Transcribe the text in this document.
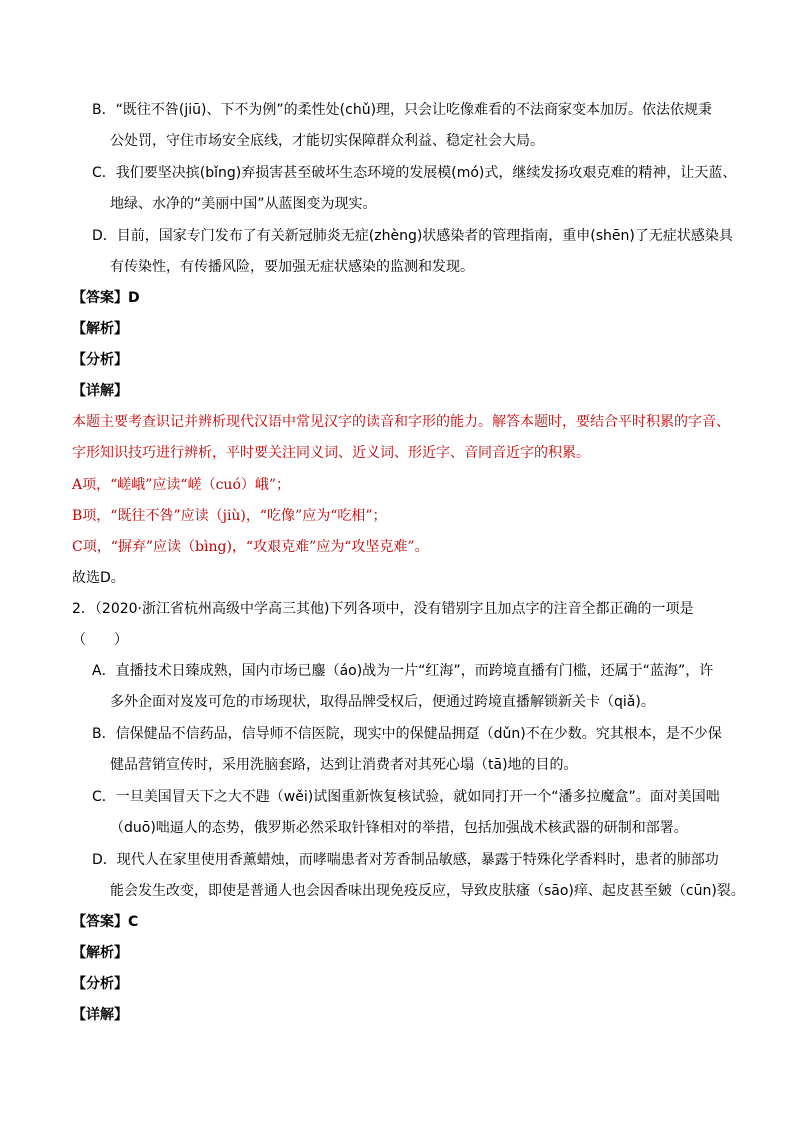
B．“既往不咎(jiū)、下不为例”的柔性处(chǔ)理，只会让吃像难看的不法商家变本加厉。依法依规秉
公处罚，守住市场安全底线，才能切实保障群众利益、稳定社会大局。
C．我们要坚决摈(bǐng)弃损害甚至破坏生态环境的发展模(mó)式，继续发扬攻艰克难的精神，让天蓝、
地绿、水净的“美丽中国”从蓝图变为现实。
D．目前，国家专门发布了有关新冠肺炎无症(zhèng)状感染者的管理指南，重申(shēn)了无症状感染具
有传染性，有传播风险，要加强无症状感染的监测和发现。
【答案】D
【解析】
【分析】
【详解】
本题主要考查识记并辨析现代汉语中常见汉字的读音和字形的能力。解答本题时，要结合平时积累的字音、
字形知识技巧进行辨析，平时要关注同义词、近义词、形近字、音同音近字的积累。
A项，“嵯峨”应读“嵯（cuó）峨”；
B项，“既往不咎”应读（jiù)，“吃像”应为“吃相”；
C项，“摒弃”应读（bìng)，“攻艰克难”应为“攻坚克难”。
故选D。
2．（2020·浙江省杭州高级中学高三其他)下列各项中，没有错别字且加点字的注音全都正确的一项是
（　　）
A．直播技术日臻成熟，国内市场已鏖（áo)战为一片“红海”，而跨境直播有门槛，还属于“蓝海”，许
多外企面对岌岌可危的市场现状，取得品牌受权后，便通过跨境直播解锁新关卡（qiǎ)。
B．信保健品不信药品，信导师不信医院，现实中的保健品拥趸（dǔn)不在少数。究其根本，是不少保
健品营销宣传时，采用洗脑套路，达到让消费者对其死心塌（tā)地的目的。
C．一旦美国冒天下之大不韪（wěi)试图重新恢复核试验，就如同打开一个“潘多拉魔盒”。面对美国咄
（duō)咄逼人的态势，俄罗斯必然采取针锋相对的举措，包括加强战术核武器的研制和部署。
D．现代人在家里使用香薰蜡烛，而哮喘患者对芳香制品敏感，暴露于特殊化学香料时，患者的肺部功
能会发生改变，即使是普通人也会因香味出现免疫反应，导致皮肤瘙（sāo)痒、起皮甚至皴（cūn)裂。
【答案】C
【解析】
【分析】
【详解】
